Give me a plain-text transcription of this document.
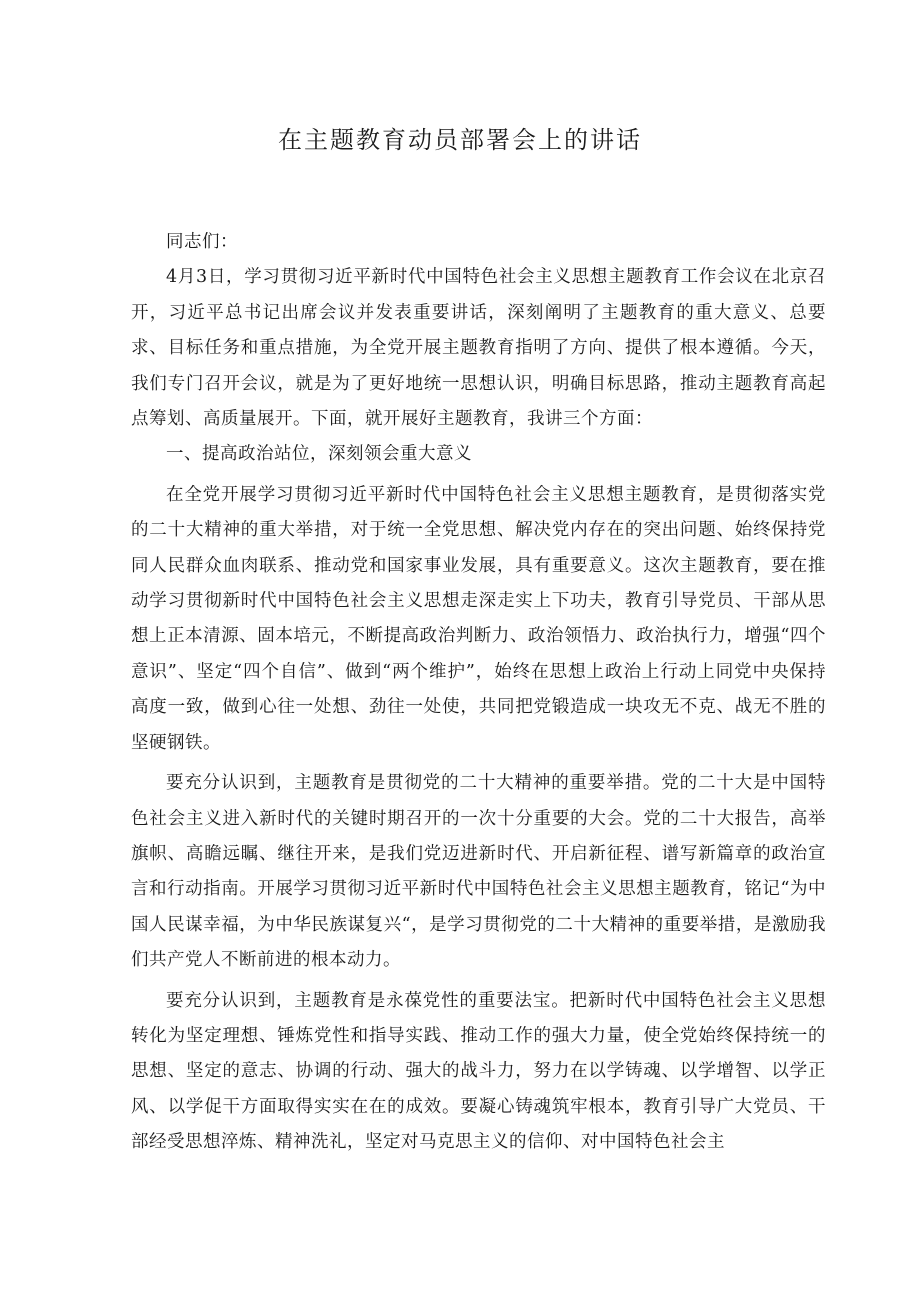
在主题教育动员部署会上的讲话

同志们：

4月3日，学习贯彻习近平新时代中国特色社会主义思想主题教育工作会议在北京召开，习近平总书记出席会议并发表重要讲话，深刻阐明了主题教育的重大意义、总要求、目标任务和重点措施，为全党开展主题教育指明了方向、提供了根本遵循。今天，我们专门召开会议，就是为了更好地统一思想认识，明确目标思路，推动主题教育高起点筹划、高质量展开。下面，就开展好主题教育，我讲三个方面：

一、提高政治站位，深刻领会重大意义

在全党开展学习贯彻习近平新时代中国特色社会主义思想主题教育，是贯彻落实党的二十大精神的重大举措，对于统一全党思想、解决党内存在的突出问题、始终保持党同人民群众血肉联系、推动党和国家事业发展，具有重要意义。这次主题教育，要在推动学习贯彻新时代中国特色社会主义思想走深走实上下功夫，教育引导党员、干部从思想上正本清源、固本培元，不断提高政治判断力、政治领悟力、政治执行力，增强“四个意识”、坚定“四个自信”、做到“两个维护”，始终在思想上政治上行动上同党中央保持高度一致，做到心往一处想、劲往一处使，共同把党锻造成一块攻无不克、战无不胜的坚硬钢铁。

要充分认识到，主题教育是贯彻党的二十大精神的重要举措。党的二十大是中国特色社会主义进入新时代的关键时期召开的一次十分重要的大会。党的二十大报告，高举旗帜、高瞻远瞩、继往开来，是我们党迈进新时代、开启新征程、谱写新篇章的政治宣言和行动指南。开展学习贯彻习近平新时代中国特色社会主义思想主题教育，铭记“为中国人民谋幸福，为中华民族谋复兴“，是学习贯彻党的二十大精神的重要举措，是激励我们共产党人不断前进的根本动力。

要充分认识到，主题教育是永葆党性的重要法宝。把新时代中国特色社会主义思想转化为坚定理想、锤炼党性和指导实践、推动工作的强大力量，使全党始终保持统一的思想、坚定的意志、协调的行动、强大的战斗力，努力在以学铸魂、以学增智、以学正风、以学促干方面取得实实在在的成效。要凝心铸魂筑牢根本，教育引导广大党员、干部经受思想淬炼、精神洗礼，坚定对马克思主义的信仰、对中国特色社会主
